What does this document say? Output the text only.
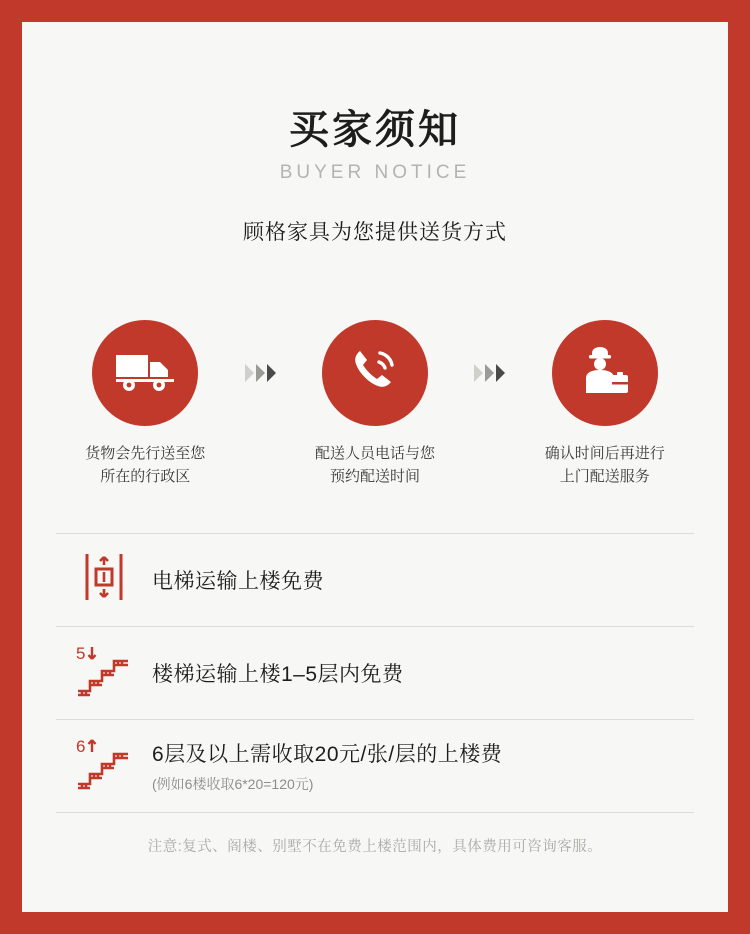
买家须知
BUYER NOTICE
顾格家具为您提供送货方式
货物会先行送至您
所在的行政区
配送人员电话与您
预约配送时间
确认时间后再进行
上门配送服务
电梯运输上楼免费
5
楼梯运输上楼1–5层内免费
6	6层及以上需收取20元/张/层的上楼费
(例如6楼收取6*20=120元)
注意:复式、阁楼、别墅不在免费上楼范围内，具体费用可咨询客服。
